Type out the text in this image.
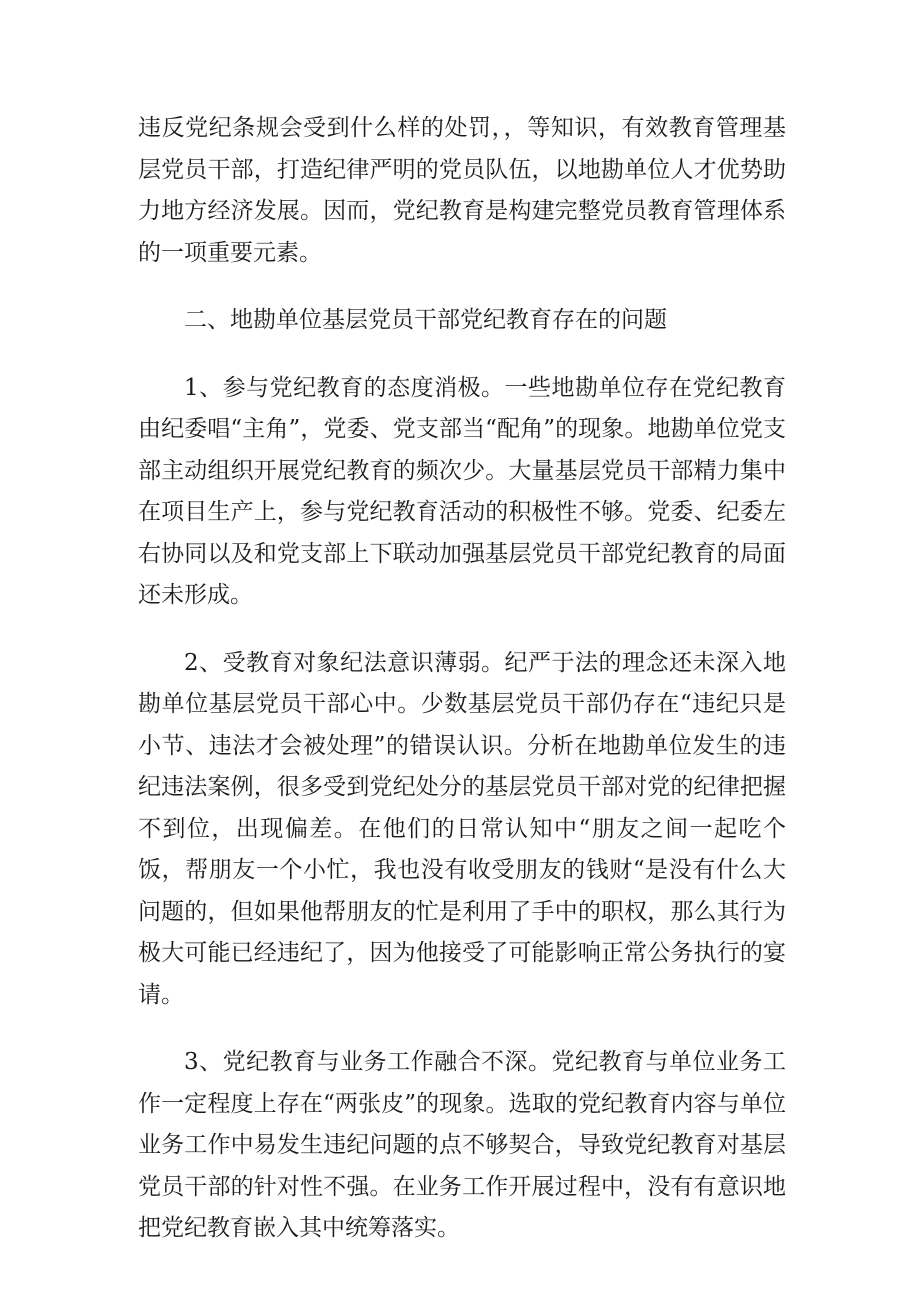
违反党纪条规会受到什么样的处罚，，等知识，有效教育管理基层党员干部，打造纪律严明的党员队伍，以地勘单位人才优势助力地方经济发展。因而，党纪教育是构建完整党员教育管理体系的一项重要元素。

二、地勘单位基层党员干部党纪教育存在的问题

1、参与党纪教育的态度消极。一些地勘单位存在党纪教育由纪委唱“主角”，党委、党支部当“配角”的现象。地勘单位党支部主动组织开展党纪教育的频次少。大量基层党员干部精力集中在项目生产上，参与党纪教育活动的积极性不够。党委、纪委左右协同以及和党支部上下联动加强基层党员干部党纪教育的局面还未形成。

2、受教育对象纪法意识薄弱。纪严于法的理念还未深入地勘单位基层党员干部心中。少数基层党员干部仍存在“违纪只是小节、违法才会被处理”的错误认识。分析在地勘单位发生的违纪违法案例，很多受到党纪处分的基层党员干部对党的纪律把握不到位，出现偏差。在他们的日常认知中“朋友之间一起吃个饭，帮朋友一个小忙，我也没有收受朋友的钱财“是没有什么大问题的，但如果他帮朋友的忙是利用了手中的职权，那么其行为极大可能已经违纪了，因为他接受了可能影响正常公务执行的宴请。

3、党纪教育与业务工作融合不深。党纪教育与单位业务工作一定程度上存在“两张皮”的现象。选取的党纪教育内容与单位业务工作中易发生违纪问题的点不够契合，导致党纪教育对基层党员干部的针对性不强。在业务工作开展过程中，没有有意识地把党纪教育嵌入其中统筹落实。
